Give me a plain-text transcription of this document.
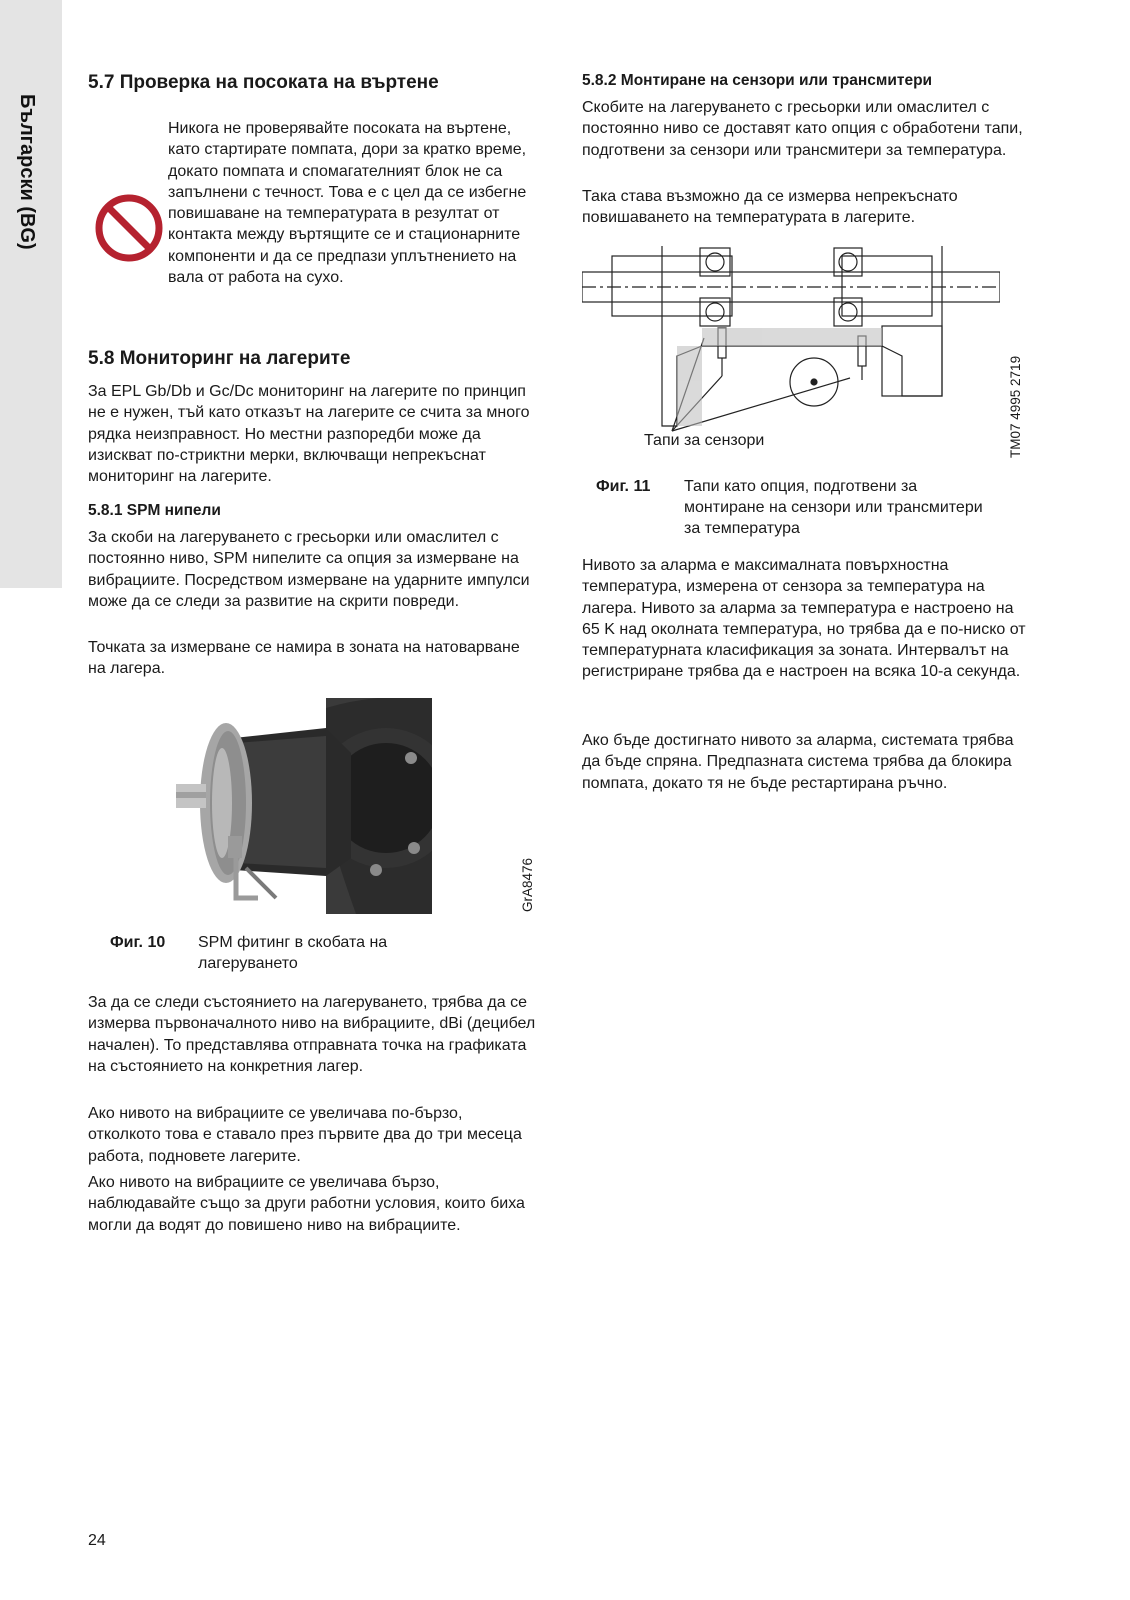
Български (BG)
5.7 Проверка на посоката на въртене

Никога не проверявайте посоката на въртене, като стартирате помпата, дори за кратко време, докато помпата и спомагателният блок не са запълнени с течност. Това е с цел да се избегне повишаване на температурата в резултат от контакта между въртящите се и стационарните компоненти и да се предпази уплътнението на вала от работа на сухо.

5.8 Мониторинг на лагерите

За EPL Gb/Db и Gc/Dc мониторинг на лагерите по принцип не е нужен, тъй като отказът на лагерите се счита за много рядка неизправност. Но местни разпоредби може да изискват по-стриктни мерки, включващи непрекъснат мониторинг на лагерите.

5.8.1 SPM нипели

За скоби на лагеруването с гресьорки или омаслител с постоянно ниво, SPM нипелите са опция за измерване на вибрациите. Посредством измерване на ударните импулси може да се следи за развитие на скрити повреди.

Точката за измерване се намира в зоната на натоварване на лагера.

Фиг. 10 SPM фитинг в скобата на лагеруването

За да се следи състоянието на лагеруването, трябва да се измерва първоначалното ниво на вибрациите, dBi (децибел начален). То представлява отправната точка на графиката на състоянието на конкретния лагер.

Ако нивото на вибрациите се увеличава по-бързо, отколкото това е ставало през първите два до три месеца работа, подновете лагерите.

Ако нивото на вибрациите се увеличава бързо, наблюдавайте също за други работни условия, които биха могли да водят до повишено ниво на вибрациите.

GrA8476
5.8.2 Монтиране на сензори или трансмитери

Скобите на лагеруването с гресьорки или омаслител с постоянно ниво се доставят като опция с обработени тапи, подготвени за сензори или трансмитери за температура.

Така става възможно да се измерва непрекъснато повишаването на температурата в лагерите.

Фиг. 11 Тапи като опция, подготвени за монтиране на сензори или трансмитери за температура

Нивото за аларма е максималната повърхностна температура, измерена от сензора за температура на лагера. Нивото за аларма за температура е настроено на 65 K над околната температура, но трябва да е по-ниско от температурната класификация за зоната. Интервалът на регистриране трябва да е настроен на всяка 10-а секунда.

Ако бъде достигнато нивото за аларма, системата трябва да бъде спряна. Предпазната система трябва да блокира помпата, докато тя не бъде рестартирана ръчно.

Тапи за сензори	TM07 4995 2719
24
